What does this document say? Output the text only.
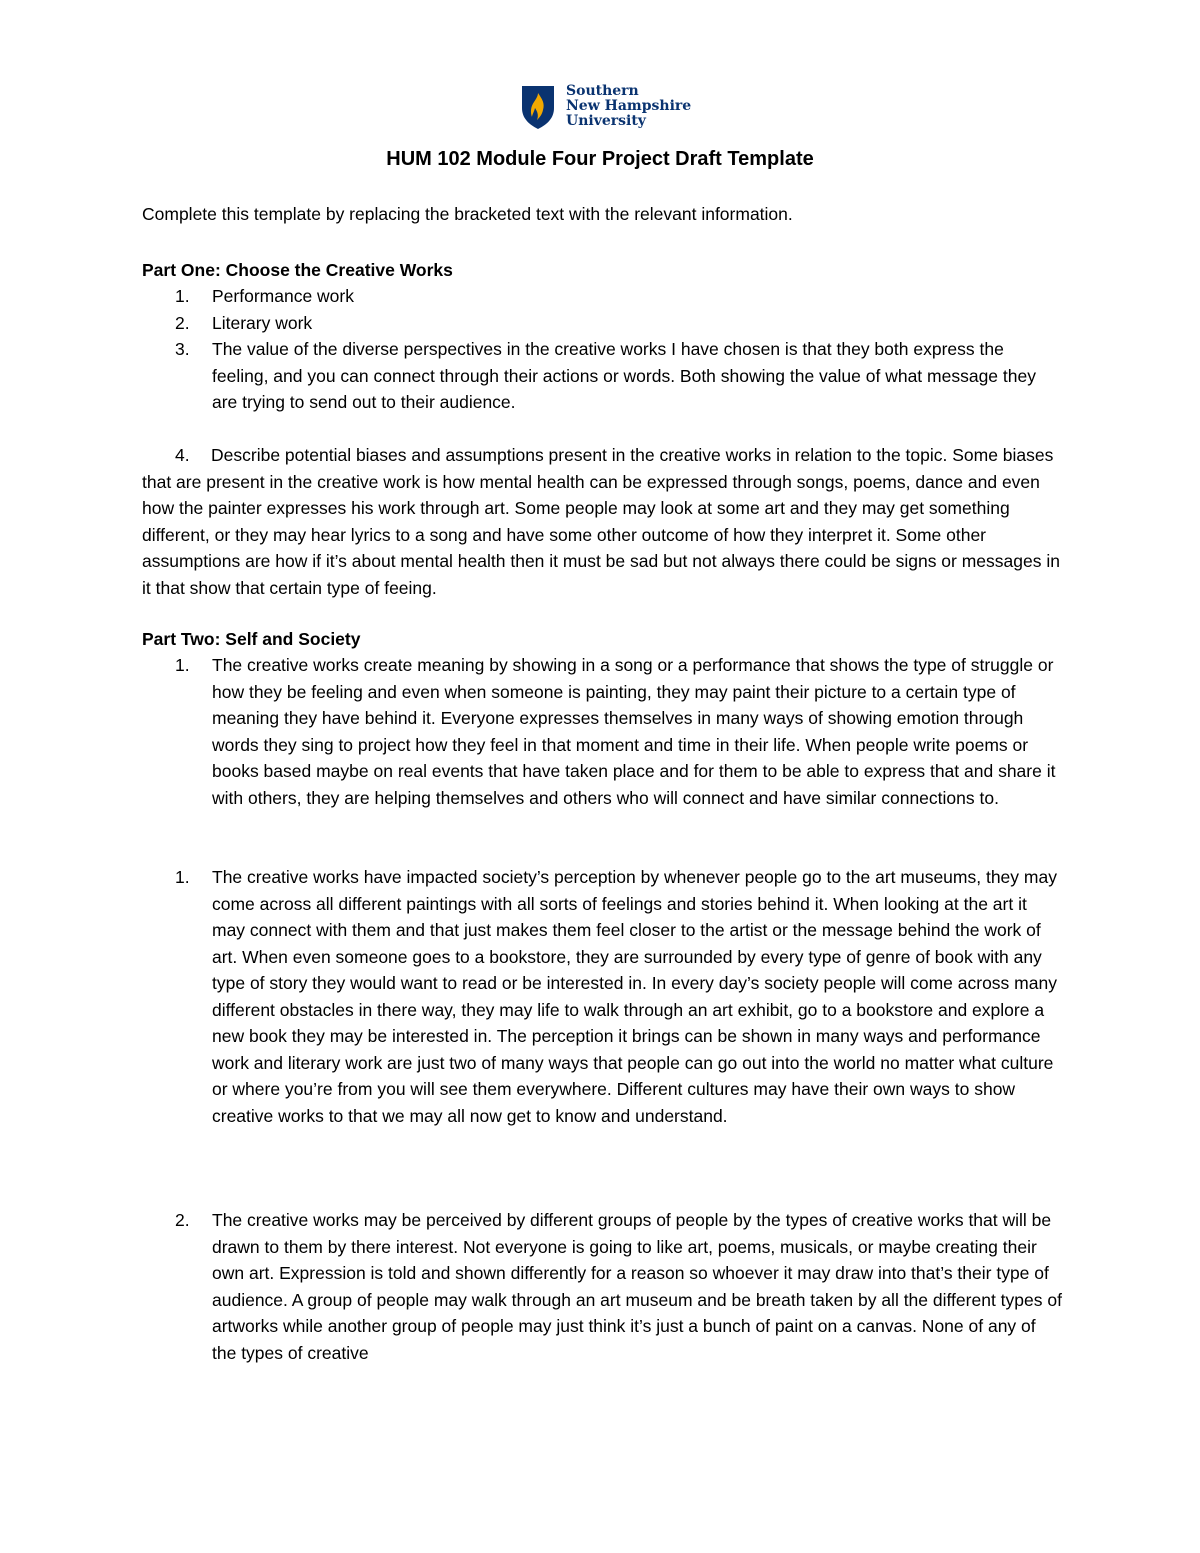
Southern
New Hampshire
University
HUM 102 Module Four Project Draft Template
Complete this template by replacing the bracketed text with the relevant information.
Part One: Choose the Creative Works
1. Performance work
2. Literary work
3. The value of the diverse perspectives in the creative works I have chosen is that they both express the feeling, and you can connect through their actions or words. Both showing the value of what message they are trying to send out to their audience.
4. Describe potential biases and assumptions present in the creative works in relation to the topic. Some biases that are present in the creative work is how mental health can be expressed through songs, poems, dance and even how the painter expresses his work through art. Some people may look at some art and they may get something different, or they may hear lyrics to a song and have some other outcome of how they interpret it. Some other assumptions are how if it’s about mental health then it must be sad but not always there could be signs or messages in it that show that certain type of feeing.
Part Two: Self and Society
1. The creative works create meaning by showing in a song or a performance that shows the type of struggle or how they be feeling and even when someone is painting, they may paint their picture to a certain type of meaning they have behind it. Everyone expresses themselves in many ways of showing emotion through words they sing to project how they feel in that moment and time in their life. When people write poems or books based maybe on real events that have taken place and for them to be able to express that and share it with others, they are helping themselves and others who will connect and have similar connections to.
1. The creative works have impacted society’s perception by whenever people go to the art museums, they may come across all different paintings with all sorts of feelings and stories behind it. When looking at the art it may connect with them and that just makes them feel closer to the artist or the message behind the work of art. When even someone goes to a bookstore, they are surrounded by every type of genre of book with any type of story they would want to read or be interested in. In every day’s society people will come across many different obstacles in there way, they may life to walk through an art exhibit, go to a bookstore and explore a new book they may be interested in. The perception it brings can be shown in many ways and performance work and literary work are just two of many ways that people can go out into the world no matter what culture or where you’re from you will see them everywhere. Different cultures may have their own ways to show creative works to that we may all now get to know and understand.
2. The creative works may be perceived by different groups of people by the types of creative works that will be drawn to them by there interest. Not everyone is going to like art, poems, musicals, or maybe creating their own art. Expression is told and shown differently for a reason so whoever it may draw into that’s their type of audience. A group of people may walk through an art museum and be breath taken by all the different types of artworks while another group of people may just think it’s just a bunch of paint on a canvas. None of any of the types of creative
